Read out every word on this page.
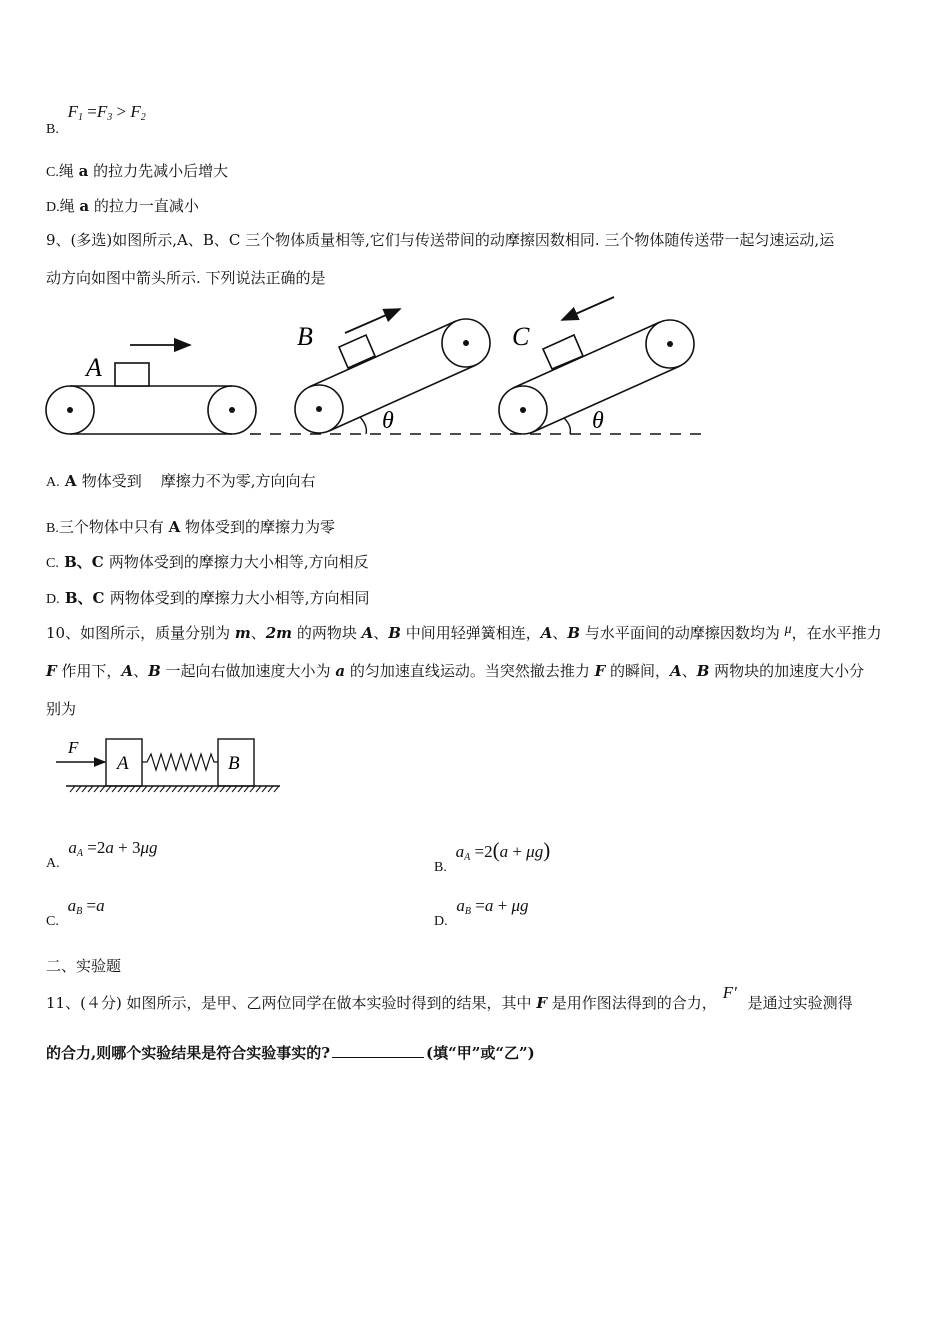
B. $F_1 =F_3 > F_2$
C.绳 a 的拉力先减小后增大
D.绳 a 的拉力一直减小
9、(多选)如图所示,A、B、C 三个物体质量相等,它们与传送带间的动摩擦因数相同. 三个物体随传送带一起匀速运动,运
动方向如图中箭头所示. 下列说法正确的是
A
B
θ
C
θ
A. A 物体受到    摩擦力不为零,方向向右
B.三个物体中只有 A 物体受到的摩擦力为零
C. B、C 两物体受到的摩擦力大小相等,方向相反
D. B、C 两物体受到的摩擦力大小相等,方向相同
10、如图所示，质量分别为 m、2m 的两物块 A、B 中间用轻弹簧相连，A、B 与水平面间的动摩擦因数均为 μ，在水平推力
F 作用下，A、B 一起向右做加速度大小为 a 的匀加速直线运动。当突然撤去推力 F 的瞬间，A、B 两物块的加速度大小分
别为
F
A	B
A. $a_A =2a + 3\mu g$
B. $a_A =2(a + \mu g)$
C. $a_B =a$
D. $a_B =a + \mu g$
二、实验题
11、(４分) 如图所示，是甲、乙两位同学在做本实验时得到的结果，其中 F 是用作图法得到的合力，F′ 是通过实验测得
的合力,则哪个实验结果是符合实验事实的?	(填“甲”或“乙”)
